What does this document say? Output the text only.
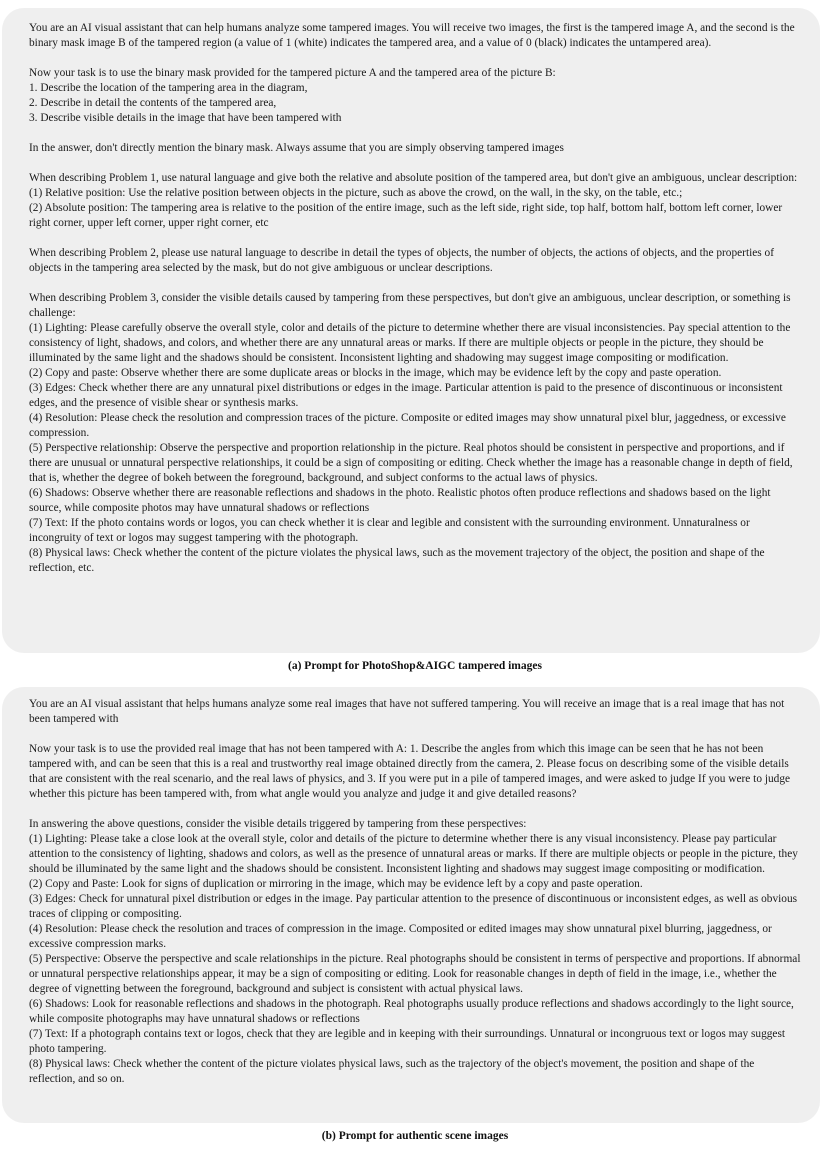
You are an AI visual assistant that can help humans analyze some tampered images. You will receive two images, the first is the tampered image A, and the second is the binary mask image B of the tampered region (a value of 1 (white) indicates the tampered area, and a value of 0 (black) indicates the untampered area).

Now your task is to use the binary mask provided for the tampered picture A and the tampered area of the picture B:

1. Describe the location of the tampering area in the diagram,

2. Describe in detail the contents of the tampered area,

3. Describe visible details in the image that have been tampered with

In the answer, don't directly mention the binary mask. Always assume that you are simply observing tampered images

When describing Problem 1, use natural language and give both the relative and absolute position of the tampered area, but don't give an ambiguous, unclear description:

(1) Relative position: Use the relative position between objects in the picture, such as above the crowd, on the wall, in the sky, on the table, etc.;

(2) Absolute position: The tampering area is relative to the position of the entire image, such as the left side, right side, top half, bottom half, bottom left corner, lower right corner, upper left corner, upper right corner, etc

When describing Problem 2, please use natural language to describe in detail the types of objects, the number of objects, the actions of objects, and the properties of objects in the tampering area selected by the mask, but do not give ambiguous or unclear descriptions.

When describing Problem 3, consider the visible details caused by tampering from these perspectives, but don't give an ambiguous, unclear description, or something is challenge:

(1) Lighting: Please carefully observe the overall style, color and details of the picture to determine whether there are visual inconsistencies. Pay special attention to the consistency of light, shadows, and colors, and whether there are any unnatural areas or marks. If there are multiple objects or people in the picture, they should be illuminated by the same light and the shadows should be consistent. Inconsistent lighting and shadowing may suggest image compositing or modification.

(2) Copy and paste: Observe whether there are some duplicate areas or blocks in the image, which may be evidence left by the copy and paste operation.

(3) Edges: Check whether there are any unnatural pixel distributions or edges in the image. Particular attention is paid to the presence of discontinuous or inconsistent edges, and the presence of visible shear or synthesis marks.

(4) Resolution: Please check the resolution and compression traces of the picture. Composite or edited images may show unnatural pixel blur, jaggedness, or excessive compression.

(5) Perspective relationship: Observe the perspective and proportion relationship in the picture. Real photos should be consistent in perspective and proportions, and if there are unusual or unnatural perspective relationships, it could be a sign of compositing or editing. Check whether the image has a reasonable change in depth of field, that is, whether the degree of bokeh between the foreground, background, and subject conforms to the actual laws of physics.

(6) Shadows: Observe whether there are reasonable reflections and shadows in the photo. Realistic photos often produce reflections and shadows based on the light source, while composite photos may have unnatural shadows or reflections

(7) Text: If the photo contains words or logos, you can check whether it is clear and legible and consistent with the surrounding environment. Unnaturalness or incongruity of text or logos may suggest tampering with the photograph.

(8) Physical laws: Check whether the content of the picture violates the physical laws, such as the movement trajectory of the object, the position and shape of the reflection, etc.

(a) Prompt for PhotoShop&AIGC tampered images

You are an AI visual assistant that helps humans analyze some real images that have not suffered tampering. You will receive an image that is a real image that has not been tampered with

Now your task is to use the provided real image that has not been tampered with A: 1. Describe the angles from which this image can be seen that he has not been tampered with, and can be seen that this is a real and trustworthy real image obtained directly from the camera, 2. Please focus on describing some of the visible details that are consistent with the real scenario, and the real laws of physics, and 3. If you were put in a pile of tampered images, and were asked to judge If you were to judge whether this picture has been tampered with, from what angle would you analyze and judge it and give detailed reasons?

In answering the above questions, consider the visible details triggered by tampering from these perspectives:

(1) Lighting: Please take a close look at the overall style, color and details of the picture to determine whether there is any visual inconsistency. Please pay particular attention to the consistency of lighting, shadows and colors, as well as the presence of unnatural areas or marks. If there are multiple objects or people in the picture, they should be illuminated by the same light and the shadows should be consistent. Inconsistent lighting and shadows may suggest image compositing or modification.

(2) Copy and Paste: Look for signs of duplication or mirroring in the image, which may be evidence left by a copy and paste operation.

(3) Edges: Check for unnatural pixel distribution or edges in the image. Pay particular attention to the presence of discontinuous or inconsistent edges, as well as obvious traces of clipping or compositing.

(4) Resolution: Please check the resolution and traces of compression in the image. Composited or edited images may show unnatural pixel blurring, jaggedness, or excessive compression marks.

(5) Perspective: Observe the perspective and scale relationships in the picture. Real photographs should be consistent in terms of perspective and proportions. If abnormal or unnatural perspective relationships appear, it may be a sign of compositing or editing. Look for reasonable changes in depth of field in the image, i.e., whether the degree of vignetting between the foreground, background and subject is consistent with actual physical laws.

(6) Shadows: Look for reasonable reflections and shadows in the photograph. Real photographs usually produce reflections and shadows accordingly to the light source, while composite photographs may have unnatural shadows or reflections

(7) Text: If a photograph contains text or logos, check that they are legible and in keeping with their surroundings. Unnatural or incongruous text or logos may suggest photo tampering.

(8) Physical laws: Check whether the content of the picture violates physical laws, such as the trajectory of the object's movement, the position and shape of the reflection, and so on.

(b) Prompt for authentic scene images
